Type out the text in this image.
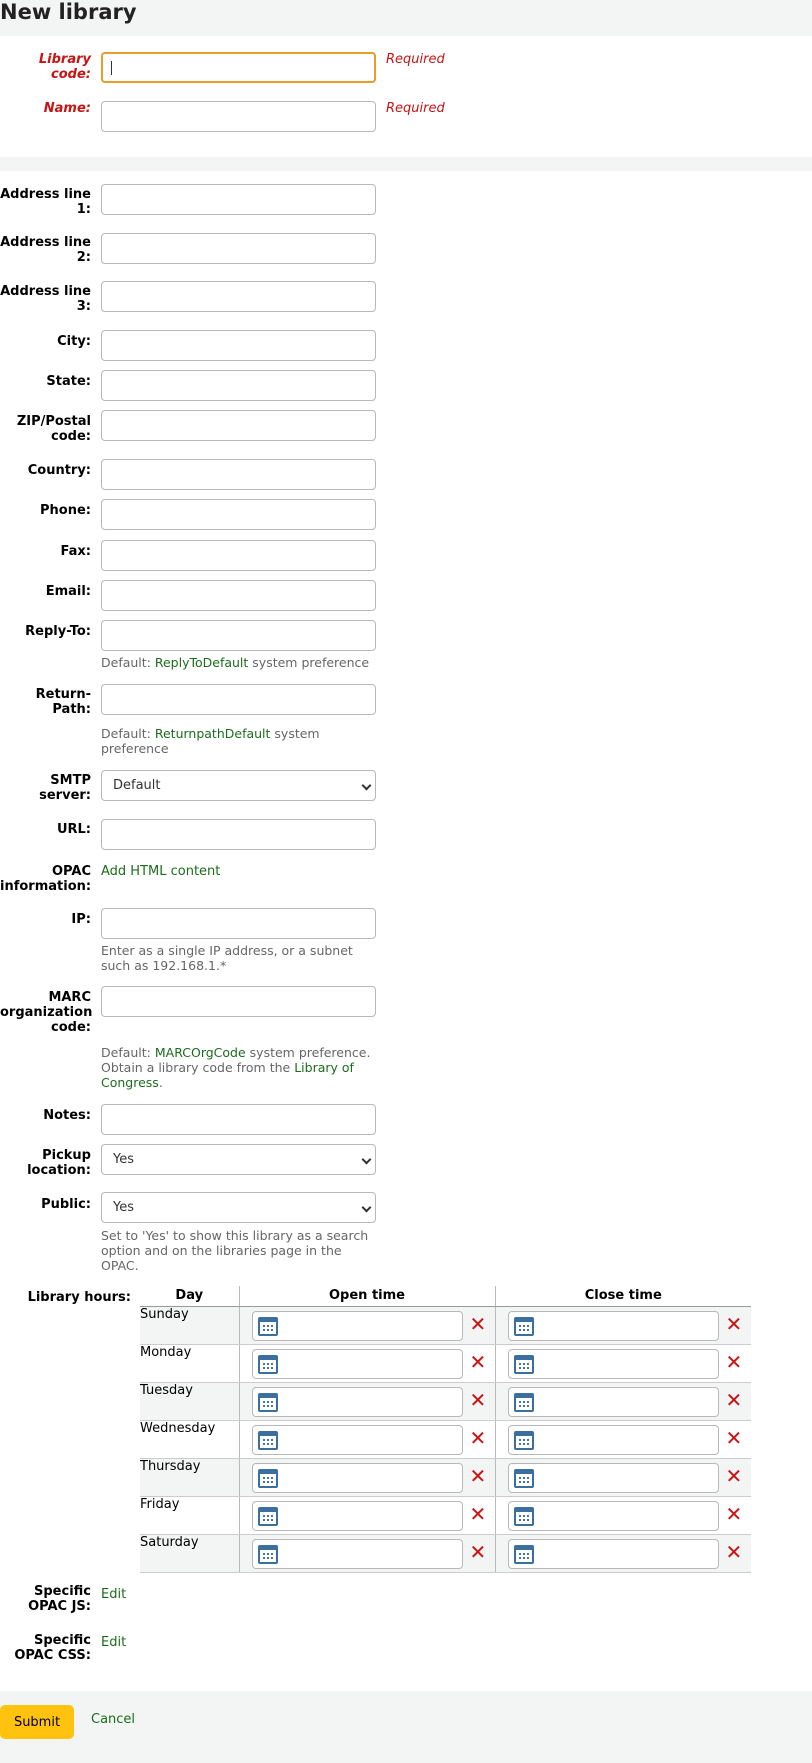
New library
Library code:
Required
Name:	Required
Address line 1:
Address line 2:
Address line 3:
City:
State:
ZIP/Postal code:
Country:
Phone:
Fax:
Email:
Reply-To:
Default: ReplyToDefault system preference
Return-Path:
Default: ReturnpathDefault system preference
SMTP server:
Default
URL:
OPAC information:
Add HTML content
IP:
Enter as a single IP address, or a subnet such as 192.168.1.*
MARC organization code:
Default: MARCOrgCode system preference. Obtain a library code from the Library of Congress.
Notes:
Pickup location:
Yes
Public:	Yes
Set to 'Yes' to show this library as a search option and on the libraries page in the OPAC.
Library hours:	Day	Open time	Close time
Sunday	✕	✕

Monday	✕	✕

Tuesday	✕	✕

Wednesday	✕	✕

Thursday	✕	✕

Friday	✕	✕

Saturday	✕	✕
Specific OPAC JS:
Edit
Specific OPAC CSS:
Edit
Submit	Cancel
